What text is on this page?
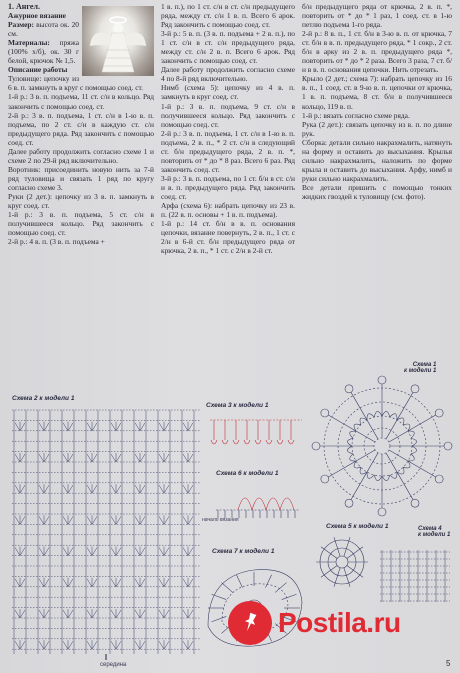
1. Ангел.

Ажурное вязание

Размер: высота ок. 20 см.

Материалы: пряжа (100% х/б), ок. 30 г белой, крючок № 1,5.

Описание работы

Туловище: цепочку из 6 в. п. замкнуть в круг с помощью соед. ст.

1-й р.: 3 в. п. подъема, 11 ст. с/н в кольцо. Ряд закончить с помощью соед. ст.

2-й р.: 3 в. п. подъема, 1 ст. с/н в 1-ю в. п. подъема, по 2 ст. с/н в каждую ст. с/н предыдущего ряда. Ряд закончить с помощью соед. ст.

Далее работу продолжить согласно схеме 1 и схеме 2 по 29-й ряд включительно.

Воротник: присоединить новую нить за 7-й ряд туловища и связать 1 ряд по кругу согласно схеме 3.

Руки (2 дет.): цепочку из 3 в. п. замкнуть в круг соед. ст.

1-й р.: 3 в. п. подъема, 5 ст. с/н в получившееся кольцо. Ряд закончить с помощью соед. ст.

2-й р.: 4 в. п. (3 в. п. подъема +

1 в. п.), по 1 ст. с/н в ст. с/н предыдущего ряда, между ст. с/н 1 в. п. Всего 6 арок. Ряд закончить с помощью соед. ст.

3-й р.: 5 в. п. (3 в. п. подъема + 2 в. п.), по 1 ст. с/н в ст. с/н предыдущего ряда, между ст. с/н 2 в. п. Всего 6 арок. Ряд закончить с помощью соед. ст.

Далее работу продолжить согласно схеме 4 по 8-й ряд включительно.

Нимб (схема 5): цепочку из 4 в. п. замкнуть в круг соед. ст.

1-й р.: 3 в. п. подъема, 9 ст. с/н в получившееся кольцо. Ряд закончить с помощью соед. ст.

2-й р.: 3 в. п. подъема, 1 ст. с/н в 1-ю в. п. подъема, 2 в. п., * 2 ст. с/н в следующий ст. б/н предыдущего ряда, 2 в. п. *, повторить от * до * 8 раз. Всего 6 раз. Ряд закончить соед. ст.

3-й р.: 3 в. п. подъема, по 1 ст. б/н в ст. с/н и в. п. предыдущего ряда. Ряд закончить соед. ст.

Арфа (схема 6): набрать цепочку из 23 в. п. (22 в. п. основы + 1 в. п. подъема).

1-й р.: 14 ст. б/н в в. п. основания цепочки, вязание повернуть, 2 в. п., 1 ст. с 2/н в 6-й ст. б/н предыдущего ряда от крючка, 2 в. п., * 1 ст. с 2/н в 2-й ст.

б/н предыдущего ряда от крючка, 2 в. п. *, повторить от * до * 1 раз, 1 соед. ст. в 1-ю петлю подъема 1-го ряда.

2-й р.: 8 в. п., 1 ст. б/н в 3-ю в. п. от крючка, 7 ст. б/н в в. п. предыдущего ряда, * 1 сокр., 2 ст. б/н в арку из 2 в. п. предыдущего ряда *, повторить от * до * 2 раза. Всего 3 раза, 7 ст. б/н в в. п. основания цепочки. Нить отрезать.

Крыло (2 дет.; схема 7): набрать цепочку из 16 в. п., 1 соед. ст. в 9-ю в. п. цепочки от крючка, 1 в. п. подъема, 8 ст. б/н в получившееся кольцо, 119 в. п.

1-й р.: вязать согласно схеме ряда.

Рука (2 дет.): связать цепочку из в. п. по длине рук.

Сборка: детали сильно накрахмалить, натянуть на форму и оставить до высыхания. Крылья сильно накрахмалить, наложить по форме крыла и оставить до высыхания. Арфу, нимб и руки сильно накрахмалить.

Все детали пришить с помощью тонких жидких гвоздей к туловищу (см. фото).

Схема 1
к модели 1
Схема 2 к модели 1
середина
Схема 3 к модели 1
Схема 6 к модели 1
начало вязания
Схема 5 к модели 1	Схема 4
к модели 1
Схема 7 к модели 1
Postila.ru
5
